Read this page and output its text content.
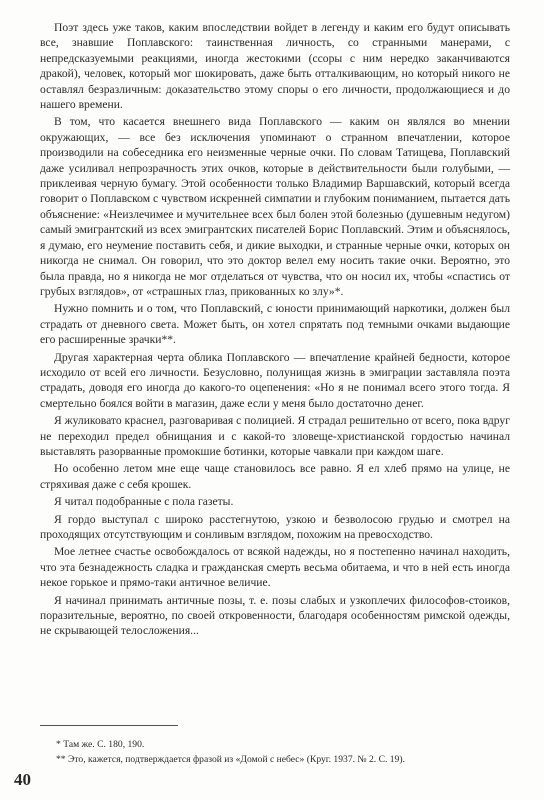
Поэт здесь уже таков, каким впоследствии войдет в легенду и каким его будут описывать все, знавшие Поплавского: таинственная личность, со странными манерами, с непредсказуемыми реакциями, иногда жестокими (ссоры с ним нередко заканчиваются дракой), человек, который мог шокировать, даже быть отталкивающим, но который никого не оставлял безразличным: доказательство этому споры о его личности, продолжающиеся и до нашего времени.

В том, что касается внешнего вида Поплавского — каким он являлся во мнении окружающих, — все без исключения упоминают о странном впечатлении, которое производили на собеседника его неизменные черные очки. По словам Татищева, Поплавский даже усиливал непрозрачность этих очков, которые в действительности были голубыми, — приклеивая черную бумагу. Этой особенности только Владимир Варшавский, который всегда говорит о Поплавском с чувством искренней симпатии и глубоким пониманием, пытается дать объяснение: «Неизлечимее и мучительнее всех был болен этой болезнью (душевным недугом) самый эмигрантский из всех эмигрантских писателей Борис Поплавский. Этим и объяснялось, я думаю, его неумение поставить себя, и дикие выходки, и странные черные очки, которых он никогда не снимал. Он говорил, что это доктор велел ему носить такие очки. Вероятно, это была правда, но я никогда не мог отделаться от чувства, что он носил их, чтобы «спастись от грубых взглядов», от «страшных глаз, прикованных ко злу»*.

Нужно помнить и о том, что Поплавский, с юности принимающий наркотики, должен был страдать от дневного света. Может быть, он хотел спрятать под темными очками выдающие его расширенные зрачки**.

Другая характерная черта облика Поплавского — впечатление крайней бедности, которое исходило от всей его личности. Безусловно, полунищая жизнь в эмиграции заставляла поэта страдать, доводя его иногда до какого-то оцепенения: «Но я не понимал всего этого тогда. Я смертельно боялся войти в магазин, даже если у меня было достаточно денег.

Я жуликовато краснел, разговаривая с полицией. Я страдал решительно от всего, пока вдруг не переходил предел обнищания и с какой-то зловеще-христианской гордостью начинал выставлять разорванные промокшие ботинки, которые чавкали при каждом шаге.

Но особенно летом мне еще чаще становилось все равно. Я ел хлеб прямо на улице, не стряхивая даже с себя крошек.

Я читал подобранные с пола газеты.

Я гордо выступал с широко расстегнутою, узкою и безволосою грудью и смотрел на проходящих отсутствующим и сонливым взглядом, похожим на превосходство.

Мое летнее счастье освобождалось от всякой надежды, но я постепенно начинал находить, что эта безнадежность сладка и гражданская смерть весьма обитаема, и что в ней есть иногда некое горькое и прямо-таки античное величие.

Я начинал принимать античные позы, т. е. позы слабых и узкоплечих философов-стоиков, поразительные, вероятно, по своей откровенности, благодаря особенностям римской одежды, не скрывающей телосложения...

* Там же. С. 180, 190.

** Это, кажется, подтверждается фразой из «Домой с небес» (Круг. 1937. № 2. С. 19).

40
